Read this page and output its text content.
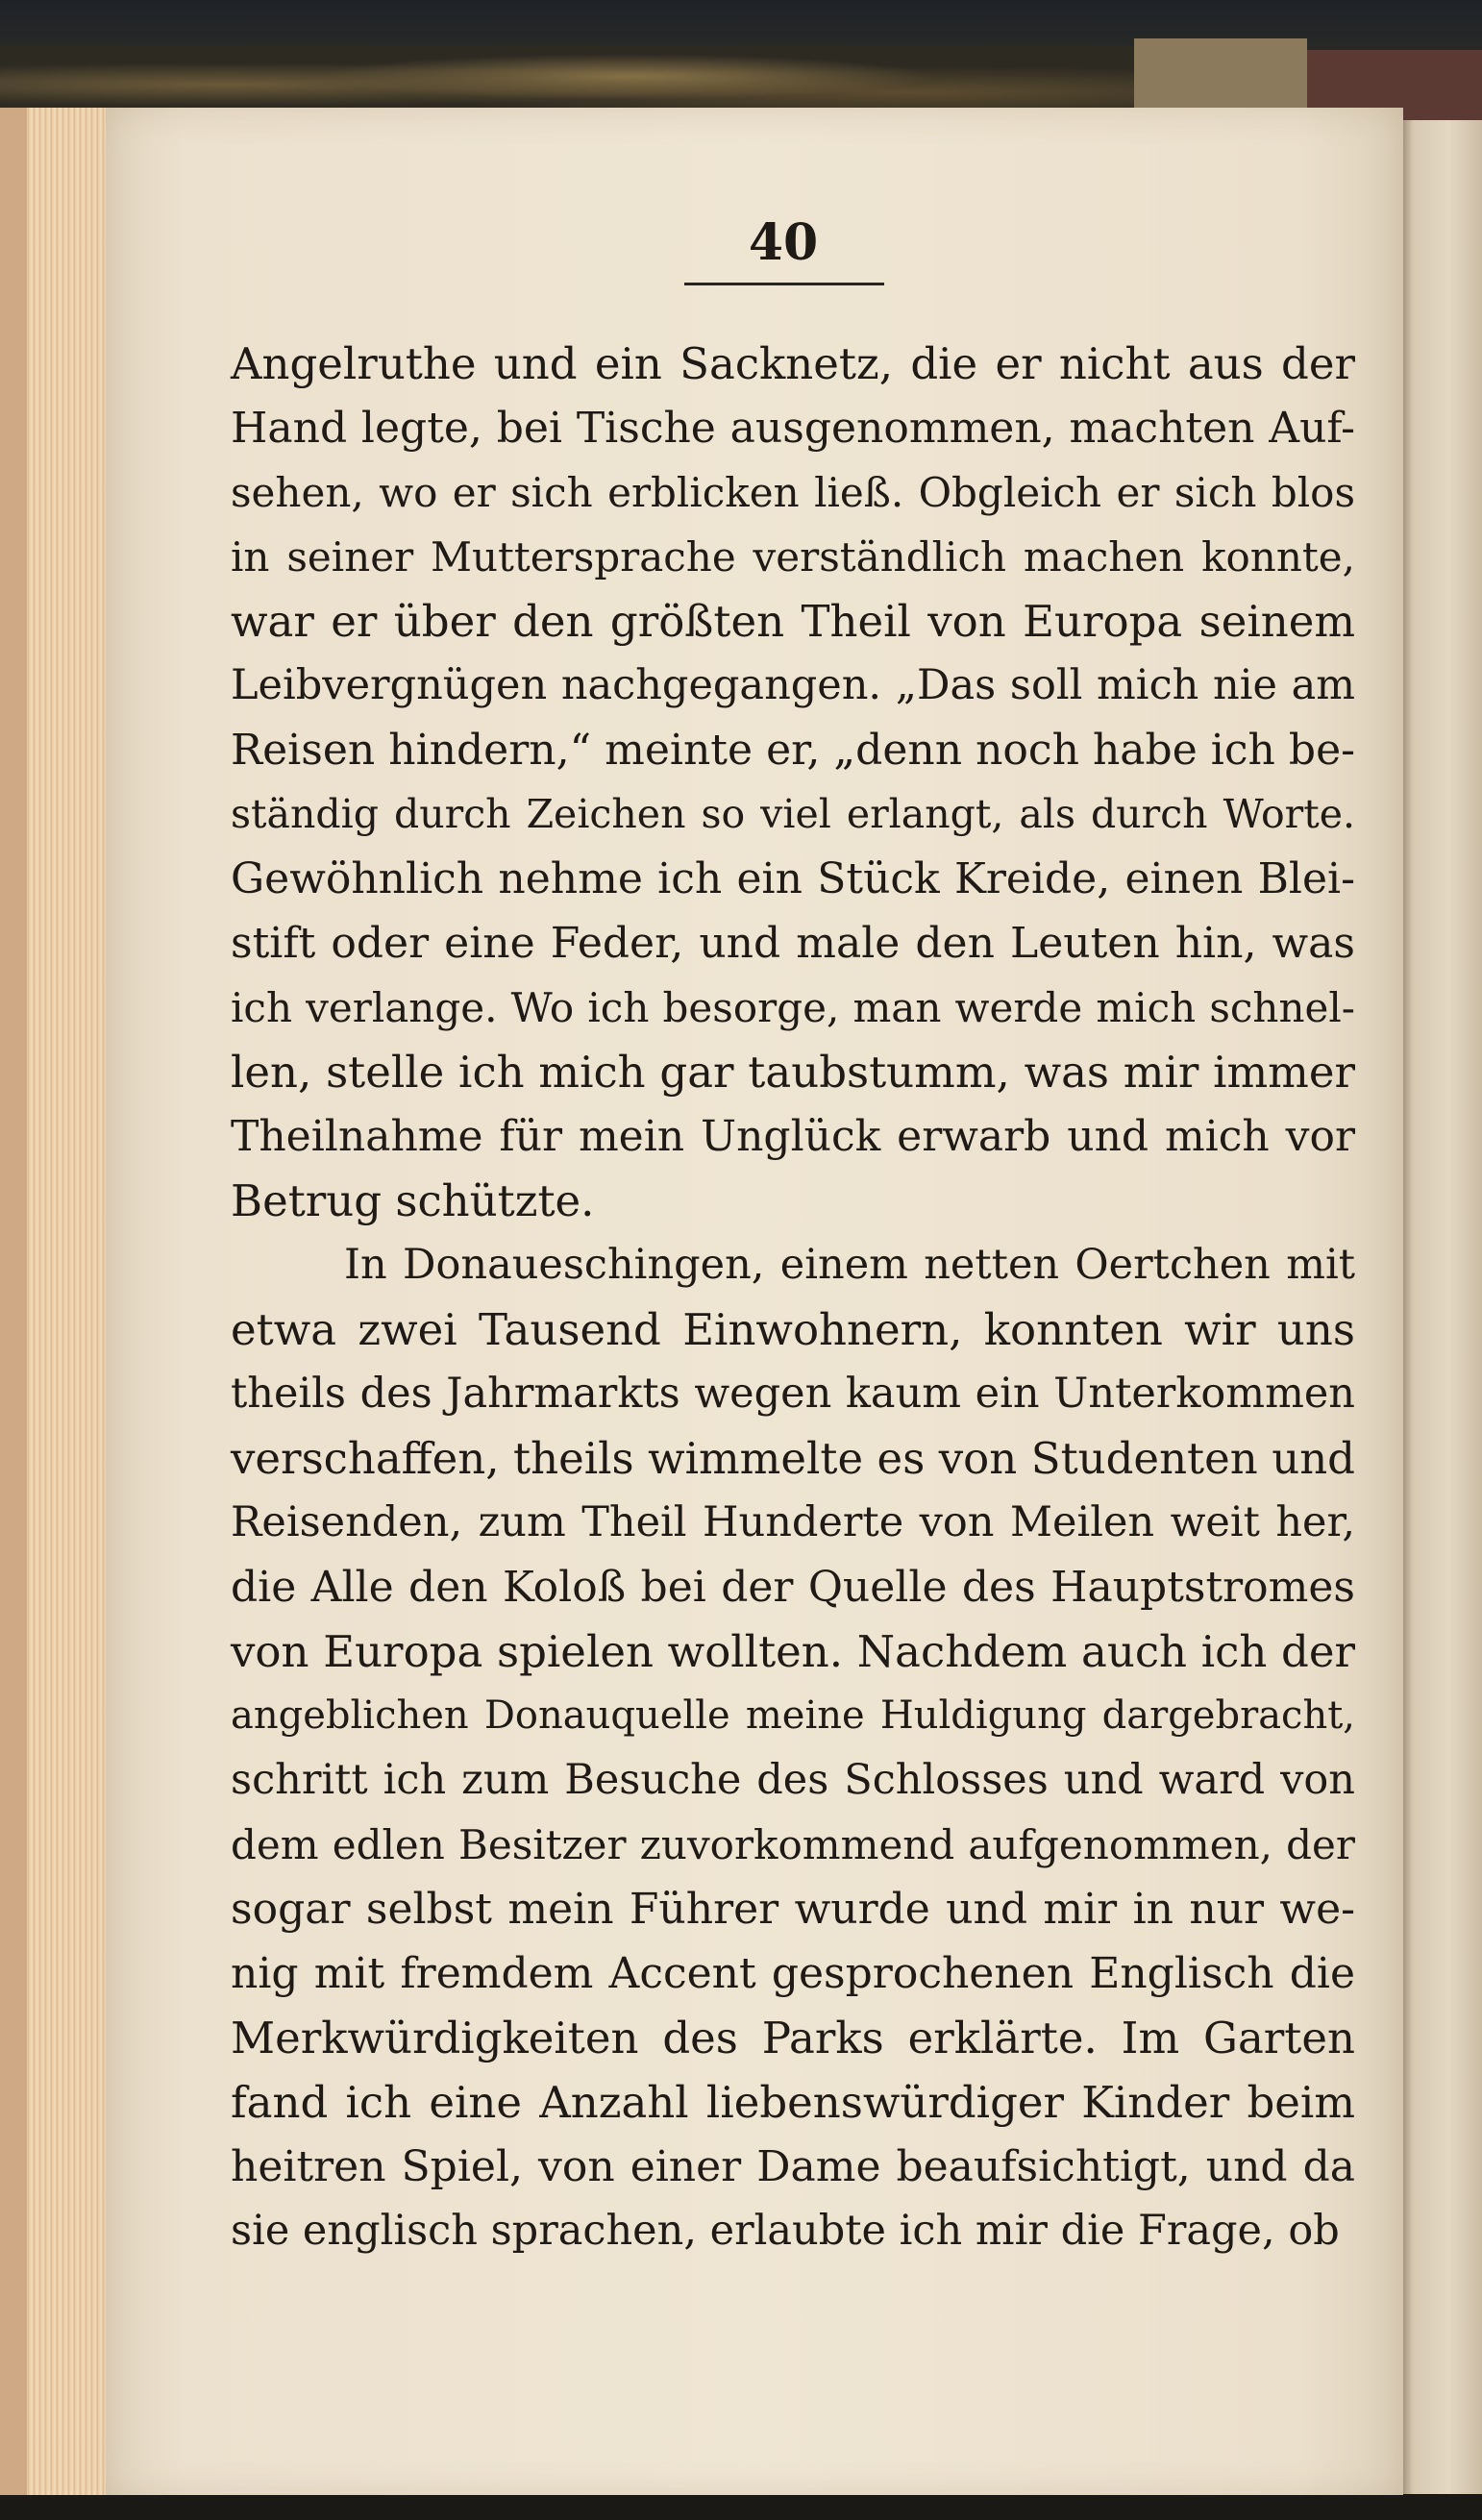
40
Angelruthe und ein Sacknetz, die er nicht aus der
Hand legte, bei Tische ausgenommen, machten Auf-
sehen, wo er sich erblicken ließ. Obgleich er sich blos
in seiner Muttersprache verständlich machen konnte,
war er über den größten Theil von Europa seinem
Leibvergnügen nachgegangen. „Das soll mich nie am
Reisen hindern,“ meinte er, „denn noch habe ich be-
ständig durch Zeichen so viel erlangt, als durch Worte.
Gewöhnlich nehme ich ein Stück Kreide, einen Blei-
stift oder eine Feder, und male den Leuten hin, was
ich verlange. Wo ich besorge, man werde mich schnel-
len, stelle ich mich gar taubstumm, was mir immer
Theilnahme für mein Unglück erwarb und mich vor
Betrug schützte.
In Donaueschingen, einem netten Oertchen mit
etwa zwei Tausend Einwohnern, konnten wir uns
theils des Jahrmarkts wegen kaum ein Unterkommen
verschaffen, theils wimmelte es von Studenten und
Reisenden, zum Theil Hunderte von Meilen weit her,
die Alle den Koloß bei der Quelle des Hauptstromes
von Europa spielen wollten. Nachdem auch ich der
angeblichen Donauquelle meine Huldigung dargebracht,
schritt ich zum Besuche des Schlosses und ward von
dem edlen Besitzer zuvorkommend aufgenommen, der
sogar selbst mein Führer wurde und mir in nur we-
nig mit fremdem Accent gesprochenen Englisch die
Merkwürdigkeiten des Parks erklärte. Im Garten
fand ich eine Anzahl liebenswürdiger Kinder beim
heitren Spiel, von einer Dame beaufsichtigt, und da
sie englisch sprachen, erlaubte ich mir die Frage, ob
